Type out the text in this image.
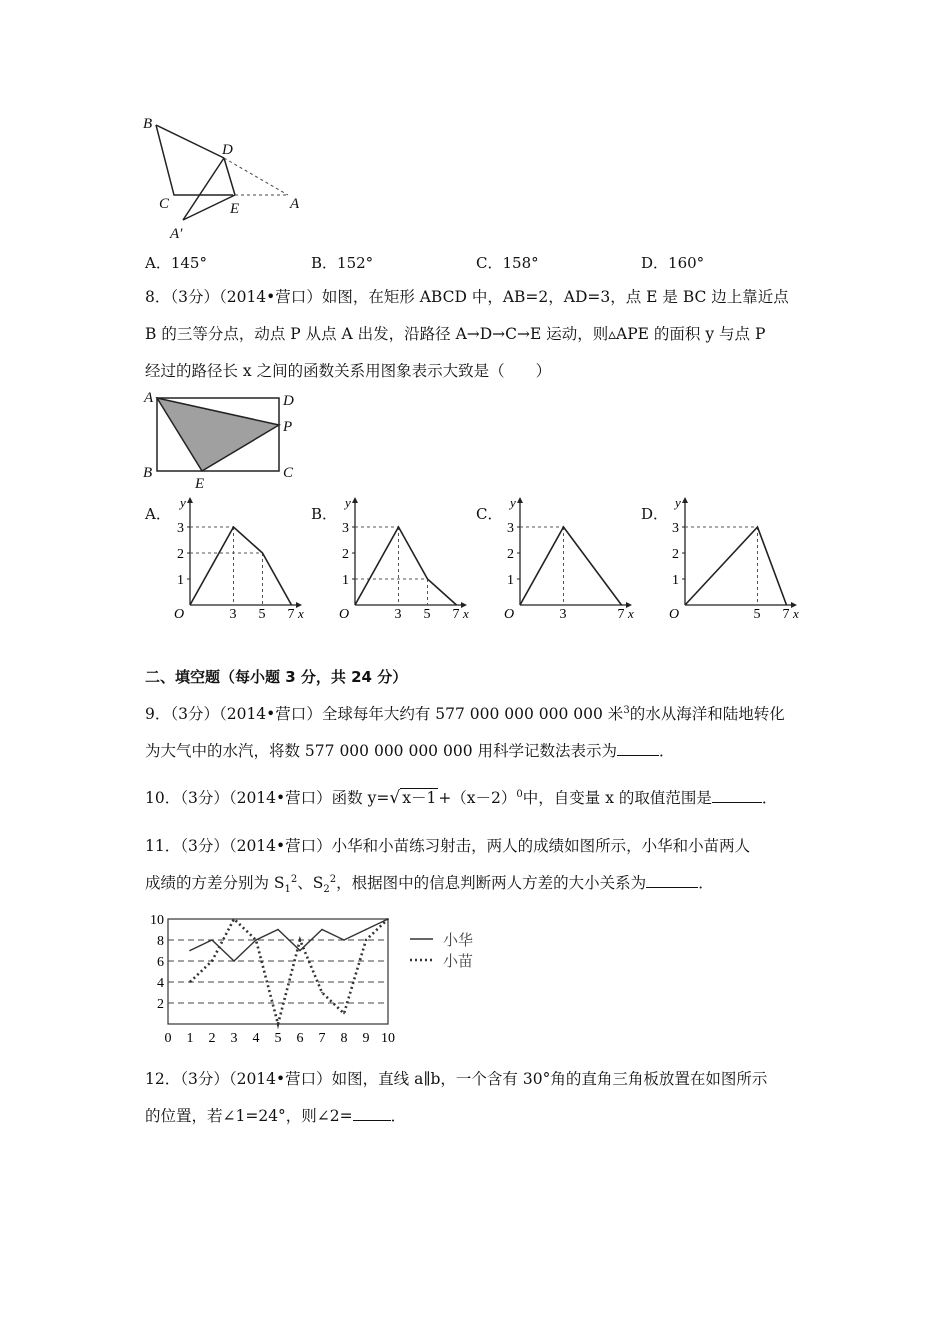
B
D
C	E	A
A′
A．145°	B．152°	C．158°	D．160°
8．（3分）（2014•营口）如图，在矩形 ABCD 中，AB=2，AD=3，点 E 是 BC 边上靠近点
B 的三等分点，动点 P 从点 A 出发，沿路径 A→D→C→E 运动，则▵APE 的面积 y 与点 P
经过的路径长 x 之间的函数关系用图象表示大致是（　　）
A	D
P
B
E
C
A．	B．	C．	D．
y
x
O
3
2
1
3 5 7
y
x
O
3
2
1
3 5 7
y
x
O
3
2
1
3	7
y
x
O
3
2
1
5 7
二、填空题（每小题 3 分，共 24 分）
9．（3分）（2014•营口）全球每年大约有 577 000 000 000 000 米$^3$的水从海洋和陆地转化
为大气中的水汽，将数 577 000 000 000 000 用科学记数法表示为	．
10．（3分）（2014•营口）函数 y=√ $x-1 +(x-2)^0$中，自变量 x 的取值范围是	．
11．（3分）（2014•营口）小华和小苗练习射击，两人的成绩如图所示，小华和小苗两人
成绩的方差分别为 $S_1^2$、$S_2^2$，根据图中的信息判断两人方差的大小关系为	．
2
4
6
8
10
0 1 2 3 4 5 6 7 8 9 10
小华
小苗
12．（3分）（2014•营口）如图，直线 a∥b，一个含有 30°角的直角三角板放置在如图所示
的位置，若∠1=24°，则∠2= ．
